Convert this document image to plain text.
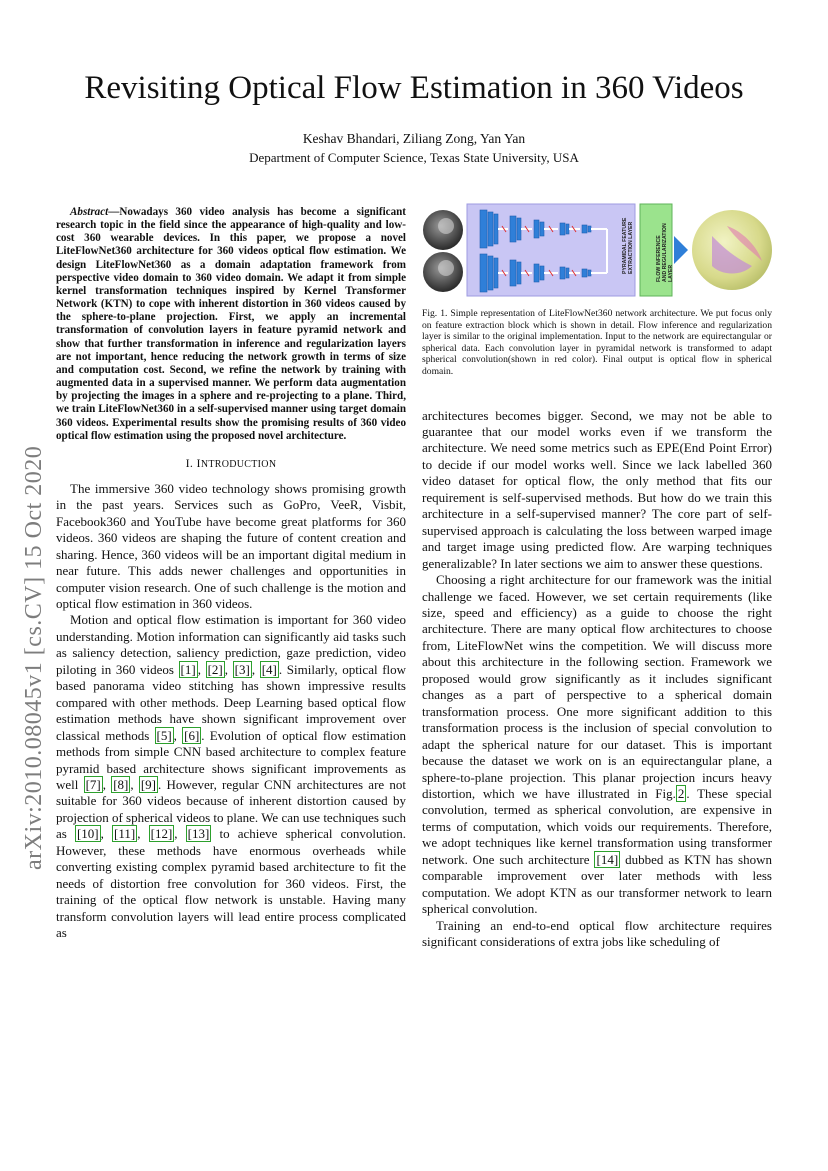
Revisiting Optical Flow Estimation in 360 Videos
Keshav Bhandari, Ziliang Zong, Yan Yan
Department of Computer Science, Texas State University, USA
arXiv:2010.08045v1 [cs.CV] 15 Oct 2020

Abstract—Nowadays 360 video analysis has become a significant research topic in the field since the appearance of high-quality and low-cost 360 wearable devices. In this paper, we propose a novel LiteFlowNet360 architecture for 360 videos optical flow estimation. We design LiteFlowNet360 as a domain adaptation framework from perspective video domain to 360 video domain. We adapt it from simple kernel transformation techniques inspired by Kernel Transformer Network (KTN) to cope with inherent distortion in 360 videos caused by the sphere-to-plane projection. First, we apply an incremental transformation of convolution layers in feature pyramid network and show that further transformation in inference and regularization layers are not important, hence reducing the network growth in terms of size and computation cost. Second, we refine the network by training with augmented data in a supervised manner. We perform data augmentation by projecting the images in a sphere and re-projecting to a plane. Third, we train LiteFlowNet360 in a self-supervised manner using target domain 360 videos. Experimental results show the promising results of 360 video optical flow estimation using the proposed novel architecture.

I. INTRODUCTION

The immersive 360 video technology shows promising growth in the past years. Services such as GoPro, VeeR, Visbit, Facebook360 and YouTube have become great platforms for 360 videos. 360 videos are shaping the future of content creation and sharing. Hence, 360 videos will be an important digital medium in near future. This adds newer challenges and opportunities in computer vision research. One of such challenge is the motion and optical flow estimation in 360 videos.

Motion and optical flow estimation is important for 360 video understanding. Motion information can significantly aid tasks such as saliency detection, saliency prediction, gaze prediction, video piloting in 360 videos [1] , [2] , [3] , [4] . Similarly, optical flow based panorama video stitching has shown impressive results compared with other methods. Deep Learning based optical flow estimation methods have shown significant improvement over classical methods [5] , [6] . Evolution of optical flow estimation methods from simple CNN based architecture to complex feature pyramid based architecture shows significant improvements as well [7] , [8] , [9] . However, regular CNN architectures are not suitable for 360 videos because of inherent distortion caused by projection of spherical videos to plane. We can use techniques such as [10] , [11] , [12] , [13] to achieve spherical convolution. However, these methods have enormous overheads while converting existing complex pyramid based architecture to fit the needs of distortion free convolution for 360 videos. First, the training of the optical flow network is unstable. Having many transform convolution layers will lead entire process complicated as

PYRAMIDAL FEATUREEXTRACTION LAYER	FLOW INFERENCEAND REGULARIZATIONLAYER

Fig. 1. Simple representation of LiteFlowNet360 network architecture. We put focus only on feature extraction block which is shown in detail. Flow inference and regularization layer is similar to the original implementation. Input to the network are equirectangular or spherical data. Each convolution layer in pyramidal network is transformed to adapt spherical convolution(shown in red color). Final output is optical flow in spherical domain.

architectures becomes bigger. Second, we may not be able to guarantee that our model works even if we transform the architecture. We need some metrics such as EPE(End Point Error) to decide if our model works well. Since we lack labelled 360 video dataset for optical flow, the only method that fits our requirement is self-supervised methods. But how do we train this architecture in a self-supervised manner? The core part of self-supervised approach is calculating the loss between warped image and target image using predicted flow. Are warping techniques generalizable? In later sections we aim to answer these questions.

Choosing a right architecture for our framework was the initial challenge we faced. However, we set certain requirements (like size, speed and efficiency) as a guide to choose the right architecture. There are many optical flow architectures to choose from, LiteFlowNet wins the competition. We will discuss more about this architecture in the following section. Framework we proposed would grow significantly as it includes significant changes as a part of perspective to a spherical domain transformation process. One more significant addition to this transformation process is the inclusion of special convolution to adapt the spherical nature for our dataset. This is important because the dataset we work on is an equirectangular plane, a sphere-to-plane projection. This planar projection incurs heavy distortion, which we have illustrated in Fig. 2 . These special convolution, termed as spherical convolution, are expensive in terms of computation, which voids our requirements. Therefore, we adopt techniques like kernel transformation using transformer network. One such architecture [14] dubbed as KTN has shown comparable improvement over later methods with less computation. We adopt KTN as our transformer network to learn spherical convolution.

Training an end-to-end optical flow architecture requires significant considerations of extra jobs like scheduling of
